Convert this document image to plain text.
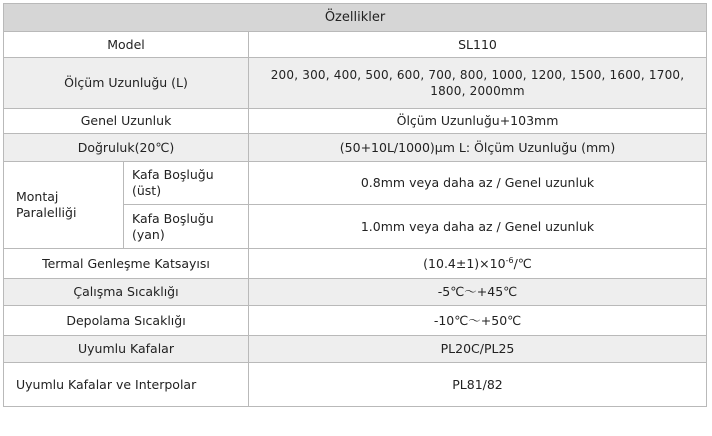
Özellikler		
Model		SL110
Ölçüm Uzunluğu (L)		200, 300, 400, 500, 600, 700, 800, 1000, 1200, 1500, 1600, 1700, 1800, 2000mm
Genel Uzunluk		Ölçüm Uzunluğu+103mm
Doğruluk(20℃)		(50+10L/1000)μm L: Ölçüm Uzunluğu (mm)
Montaj Paralelliği	Kafa Boşluğu (üst)	0.8mm veya daha az / Genel uzunluk
	Kafa Boşluğu (yan)	1.0mm veya daha az / Genel uzunluk
Termal Genleşme Katsayısı		$(10.4\pm 1)\times 10^{-6}/℃$
Çalışma Sıcaklığı		-5℃～+45℃
Depolama Sıcaklığı		-10℃～+50℃
Uyumlu Kafalar		PL20C/PL25
Uyumlu Kafalar ve Interpolar		PL81/82
